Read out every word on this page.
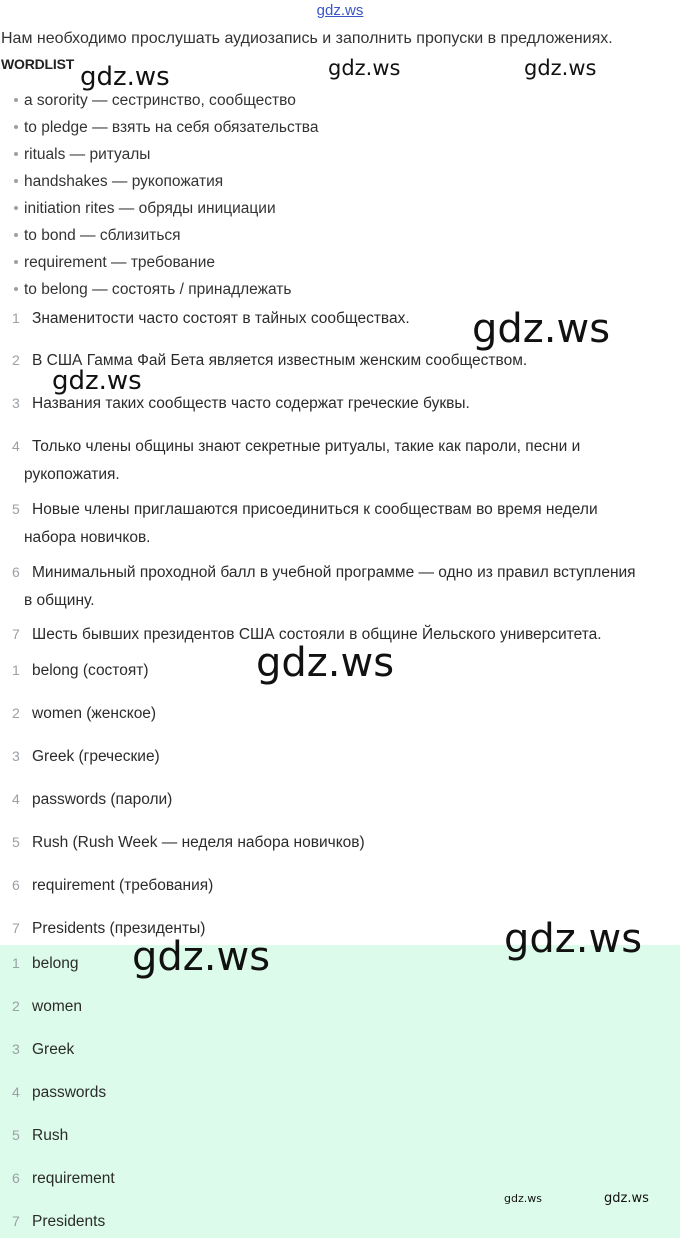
gdz.ws
Нам необходимо прослушать аудиозапись и заполнить пропуски в предложениях.
WORDLIST
a sorority — сестринство, сообщество
to pledge — взять на себя обязательства
rituals — ритуалы
handshakes — рукопожатия
initiation rites — обряды инициации
to bond — сблизиться
requirement — требование
to belong — состоять / принадлежать
1 Знаменитости часто состоят в тайных сообществах.
2 В США Гамма Фай Бета является известным женским сообществом.
3 Названия таких сообществ часто содержат греческие буквы.
4 Только члены общины знают секретные ритуалы, такие как пароли, песни и
рукопожатия.
5 Новые члены приглашаются присоединиться к сообществам во время недели
набора новичков.
6 Минимальный проходной балл в учебной программе — одно из правил вступления
в общину.
7 Шесть бывших президентов США состояли в общине Йельского университета.
1 belong (состоят)
2 women (женское)
3 Greek (греческие)
4 passwords (пароли)
5 Rush (Rush Week — неделя набора новичков)
6 requirement (требования)
7 Presidents (президенты)
1 belong
2 women
3 Greek
4 passwords
5 Rush
6 requirement
7 Presidents
gdz.ws	gdz.ws	gdz.ws
gdz.ws
gdz.ws
gdz.ws
gdz.ws
gdz.ws
gdz.ws	gdz.ws
